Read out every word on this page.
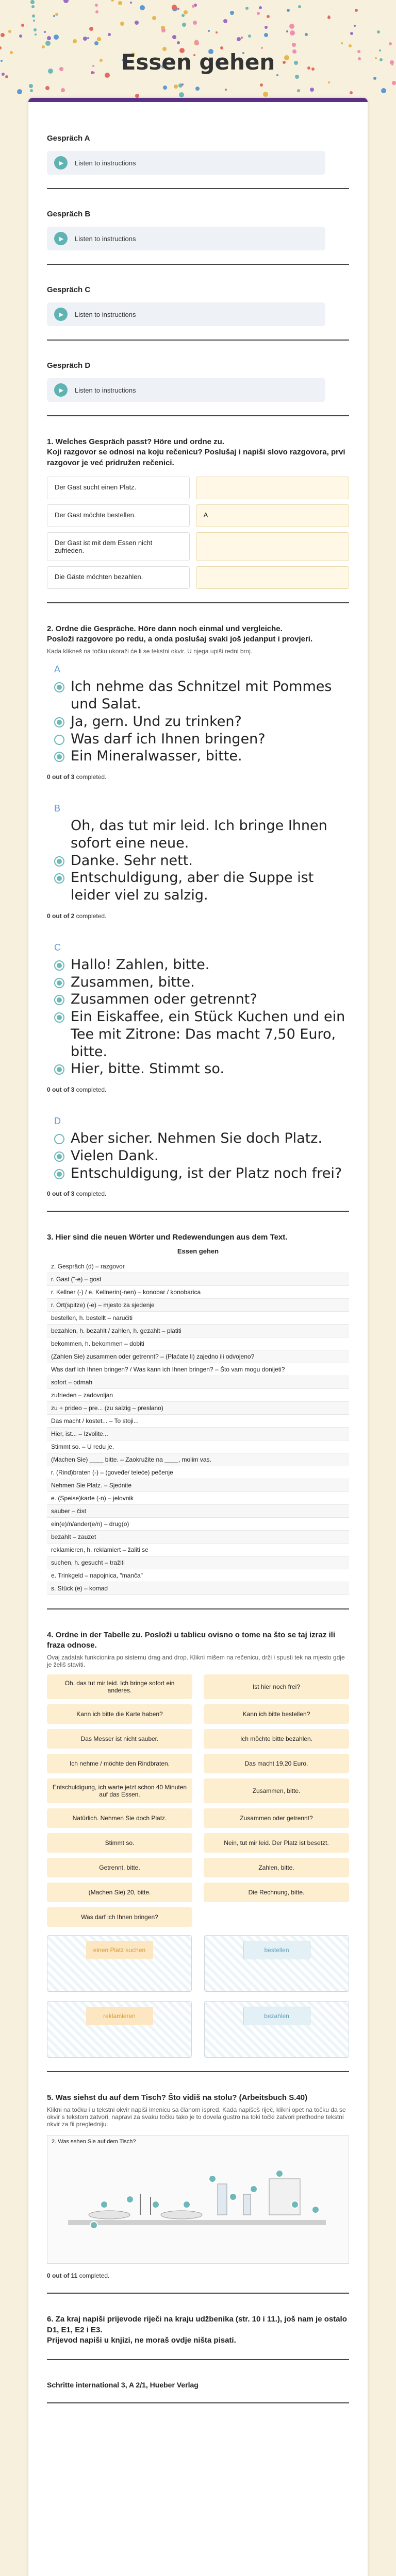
Essen gehen
Gespräch A
▶ Listen to instructions
Gespräch B
▶ Listen to instructions
Gespräch C
▶ Listen to instructions
Gespräch D
▶ Listen to instructions
1. Welches Gespräch passt? Höre und ordne zu.
Koji razgovor se odnosi na koju rečenicu? Poslušaj i napiši slovo razgovora, prvi razgovor je već pridružen rečenici.
Der Gast sucht einen Platz.
Der Gast möchte bestellen.	A
Der Gast ist mit dem Essen nicht zufrieden.
Die Gäste möchten bezahlen.
2. Ordne die Gespräche. Höre dann noch einmal und vergleiche.
Posloži razgovore po redu, a onda poslušaj svaki još jedanput i provjeri.
Kada klikneš na točku ukoraži će li se tekstni okvir. U njega upiši redni broj.
A
Ich nehme das Schnitzel mit Pommes und Salat.
Ja, gern. Und zu trinken?
Was darf ich Ihnen bringen?
Ein Mineralwasser, bitte.
0 out of 3 completed.
B
Oh, das tut mir leid. Ich bringe Ihnen sofort eine neue.
Danke. Sehr nett.
Entschuldigung, aber die Suppe ist leider viel zu salzig.
0 out of 2 completed.
C
Hallo! Zahlen, bitte.
Zusammen, bitte.
Zusammen oder getrennt?
Ein Eiskaffee, ein Stück Kuchen und ein Tee mit Zitrone: Das macht 7,50 Euro, bitte.
Hier, bitte. Stimmt so.
0 out of 3 completed.
D
Aber sicher. Nehmen Sie doch Platz.
Vielen Dank.
Entschuldigung, ist der Platz noch frei?
0 out of 3 completed.
3. Hier sind die neuen Wörter und Redewendungen aus dem Text.
Essen gehen
z. Gespräch (d) – razgovor
r. Gast (¨-e) – gost
r. Kellner (-) / e. Kellnerin(-nen) – konobar / konobarica
r. Ort(spitze) (-e) – mjesto za sjedenje
bestellen, h. bestellt – naručiti
bezahlen, h. bezahlt / zahlen, h. gezahlt – platiti
bekommen, h. bekommen – dobiti
(Zahlen Sie) zusammen oder getrennt? – (Plaćate li) zajedno ili odvojeno?
Was darf ich Ihnen bringen? / Was kann ich Ihnen bringen? – Što vam mogu donijeti?
sofort – odmah
zufrieden – zadovoljan
zu + prideo – pre... (zu salzig – preslano)
Das macht / kostet... – To stoji...
Hier, ist... – Izvolite...
Stimmt so. – U redu je.
(Machen Sie) ____ bitte. – Zaokružite na ____, molim vas.
r. (Rind)braten (-) – (goveđe/ teleće) pečenje
Nehmen Sie Platz. – Sjednite
e. (Speise)karte (-n) – jelovnik
sauber – čist
ein(e)/n/ander(e/n) – drug(o)
bezahlt – zauzet
reklamieren, h. reklamiert – žaliti se
suchen, h. gesucht – tražiti
e. Trinkgeld – napojnica, "manča"
s. Stück (e) – komad
4. Ordne in der Tabelle zu. Posloži u tablicu ovisno o tome na što se taj izraz ili fraza odnose.
Ovaj zadatak funkcionira po sistemu drag and drop. Klikni mišem na rečenicu, drži i spusti tek na mjesto gdje je želiš staviti.
Oh, das tut mir leid. Ich bringe sofort ein anderes.	Ist hier noch frei?
Kann ich bitte die Karte haben?	Kann ich bitte bestellen?
Das Messer ist nicht sauber.	Ich möchte bitte bezahlen.
Ich nehme / möchte den Rindbraten.	Das macht 19,20 Euro.
Entschuldigung, ich warte jetzt schon 40 Minuten auf das Essen.	Zusammen, bitte.
Natürlich. Nehmen Sie doch Platz.	Zusammen oder getrennt?
Stimmt so.	Nein, tut mir leid. Der Platz ist besetzt.
Getrennt, bitte.	Zahlen, bitte.
(Machen Sie) 20, bitte.	Die Rechnung, bitte.
Was darf ich Ihnen bringen?
einen Platz suchen	bestellen
reklamieren	bezahlen
5. Was siehst du auf dem Tisch? Što vidiš na stolu? (Arbeitsbuch S.40)
Klikni na točku i u tekstni okvir napiši imenicu sa članom ispred. Kada napišeš riječ, klikni opet na točku da se okvir s tekstom zatvori, napravi za svaku točku tako je to dovela gustro na toki točki zatvori prethodne tekstni okvir za fii pregledniju.
2. Was sehen Sie auf dem Tisch?
0 out of 11 completed.
6. Za kraj napiši prijevode riječi na kraju udžbenika (str. 10 i 11.), još nam je ostalo D1, E1, E2 i E3.
Prijevod napiši u knjizi, ne moraš ovdje ništa pisati.
Schritte international 3, A 2/1, Hueber Verlag
